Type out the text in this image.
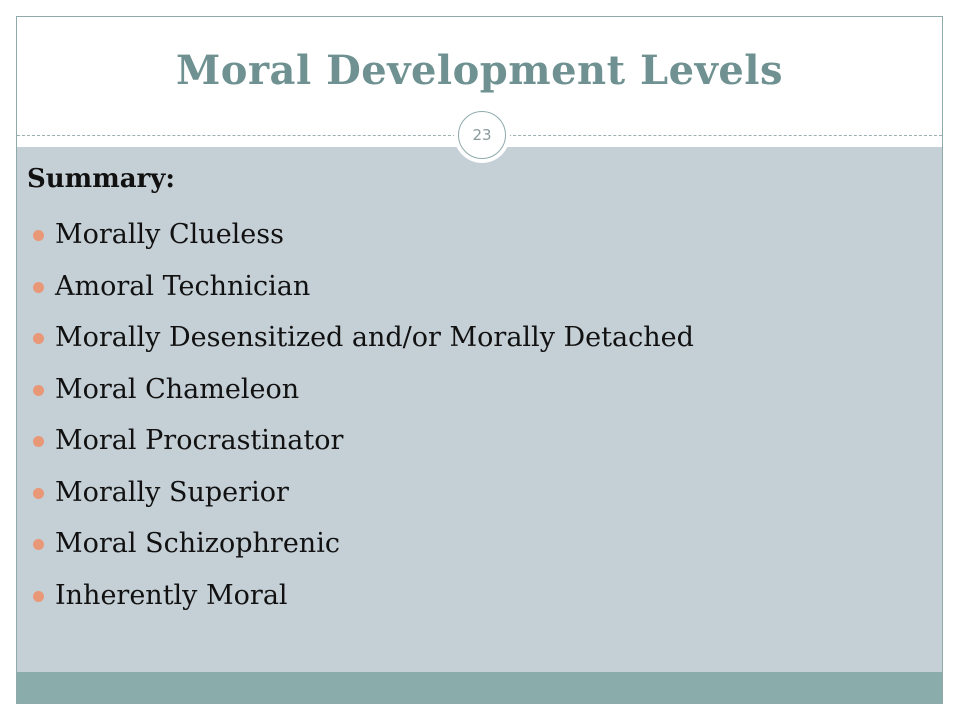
Moral Development Levels
23
Summary:
Morally Clueless
Amoral Technician
Morally Desensitized and/or Morally Detached
Moral Chameleon
Moral Procrastinator
Morally Superior
Moral Schizophrenic
Inherently Moral
